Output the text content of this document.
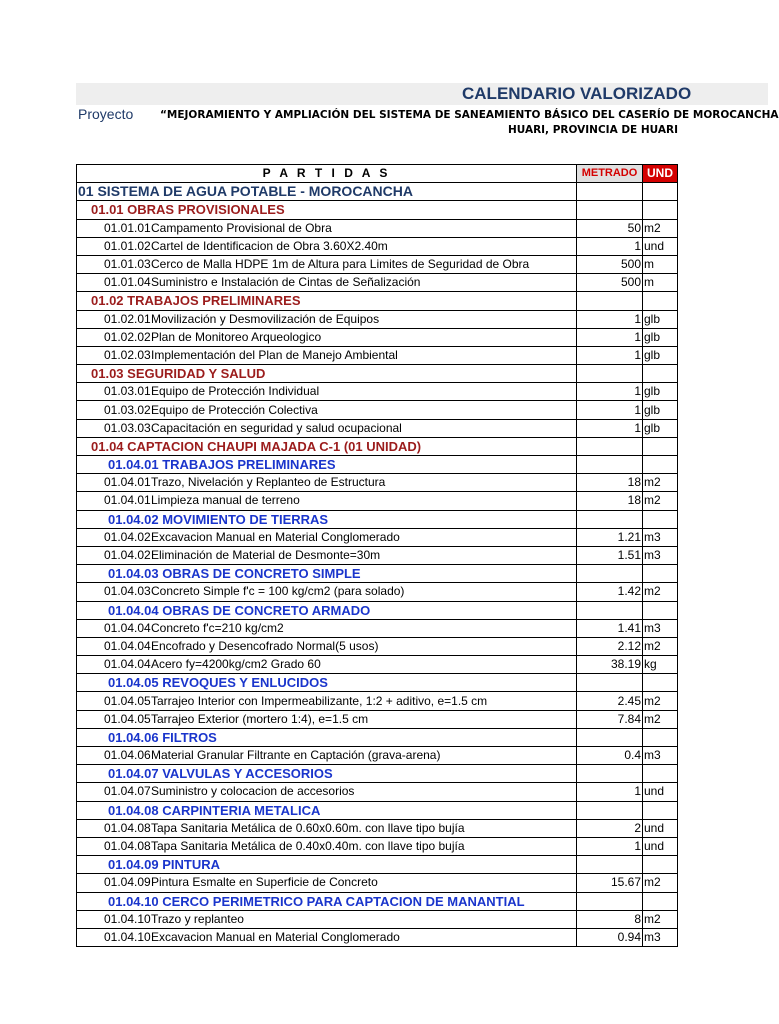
CALENDARIO VALORIZADO
Proyecto	“MEJORAMIENTO Y AMPLIACIÓN DEL SISTEMA DE SANEAMIENTO BÁSICO DEL CASERÍO DE MOROCANCHA
HUARI, PROVINCIA DE HUARI
P A R T I D A S	METRADO	UND
01 SISTEMA DE AGUA POTABLE - MOROCANCHA		
01.01 OBRAS PROVISIONALES		
01.01.01Campamento Provisional de Obra	50	m2
01.01.02Cartel de Identificacion de Obra 3.60X2.40m	1	und
01.01.03Cerco de Malla HDPE 1m de Altura para Limites de Seguridad de Obra	500	m
01.01.04Suministro e Instalación de Cintas de Señalización	500	m
01.02 TRABAJOS PRELIMINARES		
01.02.01Movilización y Desmovilización de Equipos	1	glb
01.02.02Plan de Monitoreo Arqueologico	1	glb
01.02.03Implementación del Plan de Manejo Ambiental	1	glb
01.03 SEGURIDAD Y SALUD		
01.03.01Equipo de Protección Individual	1	glb
01.03.02Equipo de Protección Colectiva	1	glb
01.03.03Capacitación en seguridad y salud ocupacional	1	glb
01.04 CAPTACION CHAUPI MAJADA C-1 (01 UNIDAD)		
01.04.01 TRABAJOS PRELIMINARES		
01.04.01Trazo, Nivelación y Replanteo de Estructura	18	m2
01.04.01Limpieza manual de terreno	18	m2
01.04.02 MOVIMIENTO DE TIERRAS		
01.04.02Excavacion Manual en Material Conglomerado	1.21	m3
01.04.02Eliminación de Material de Desmonte=30m	1.51	m3
01.04.03 OBRAS DE CONCRETO SIMPLE		
01.04.03Concreto Simple f'c = 100 kg/cm2 (para solado)	1.42	m2
01.04.04 OBRAS DE CONCRETO ARMADO		
01.04.04Concreto f'c=210 kg/cm2	1.41	m3
01.04.04Encofrado y Desencofrado Normal(5 usos)	2.12	m2
01.04.04Acero fy=4200kg/cm2 Grado 60	38.19	kg
01.04.05 REVOQUES Y ENLUCIDOS		
01.04.05Tarrajeo Interior con Impermeabilizante, 1:2 + aditivo, e=1.5 cm	2.45	m2
01.04.05Tarrajeo Exterior (mortero 1:4), e=1.5 cm	7.84	m2
01.04.06 FILTROS		
01.04.06Material Granular Filtrante en Captación (grava-arena)	0.4	m3
01.04.07 VALVULAS Y ACCESORIOS		
01.04.07Suministro y colocacion de accesorios	1	und
01.04.08 CARPINTERIA METALICA		
01.04.08Tapa Sanitaria Metálica de 0.60x0.60m. con llave tipo bujía	2	und
01.04.08Tapa Sanitaria Metálica de 0.40x0.40m. con llave tipo bujía	1	und
01.04.09 PINTURA		
01.04.09Pintura Esmalte en Superficie de Concreto	15.67	m2
01.04.10 CERCO PERIMETRICO PARA CAPTACION DE MANANTIAL		
01.04.10Trazo y replanteo	8	m2
01.04.10Excavacion Manual en Material Conglomerado	0.94	m3
